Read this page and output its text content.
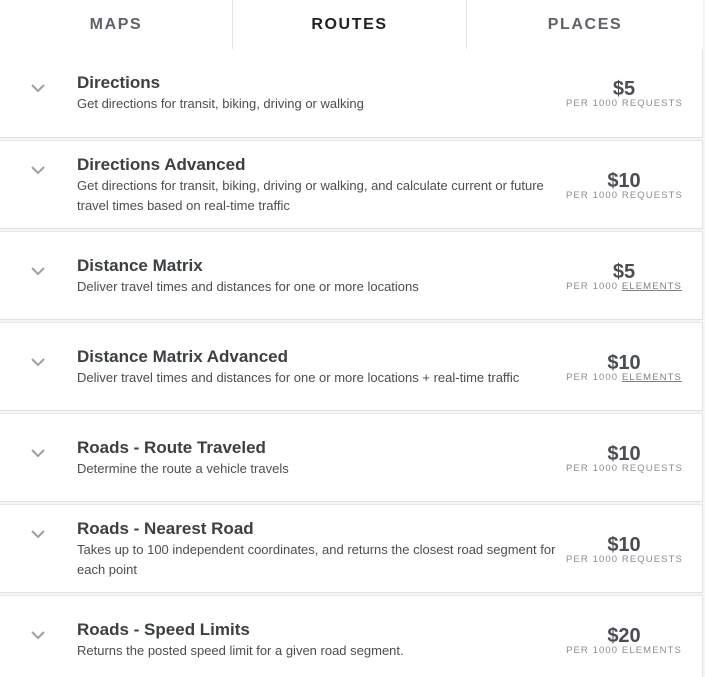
MAPS	ROUTES	PLACES
Directions
Get directions for transit, biking, driving or walking
$5
PER 1000 REQUESTS
Directions Advanced
Get directions for transit, biking, driving or walking, and calculate current or future travel times based on real-time traffic
$10
PER 1000 REQUESTS
Distance Matrix
Deliver travel times and distances for one or more locations
$5
PER 1000 ELEMENTS
Distance Matrix Advanced
Deliver travel times and distances for one or more locations + real-time traffic
$10
PER 1000 ELEMENTS
Roads - Route Traveled
Determine the route a vehicle travels
$10
PER 1000 REQUESTS
Roads - Nearest Road
Takes up to 100 independent coordinates, and returns the closest road segment for each point
$10
PER 1000 REQUESTS
Roads - Speed Limits
Returns the posted speed limit for a given road segment.
$20
PER 1000 ELEMENTS
